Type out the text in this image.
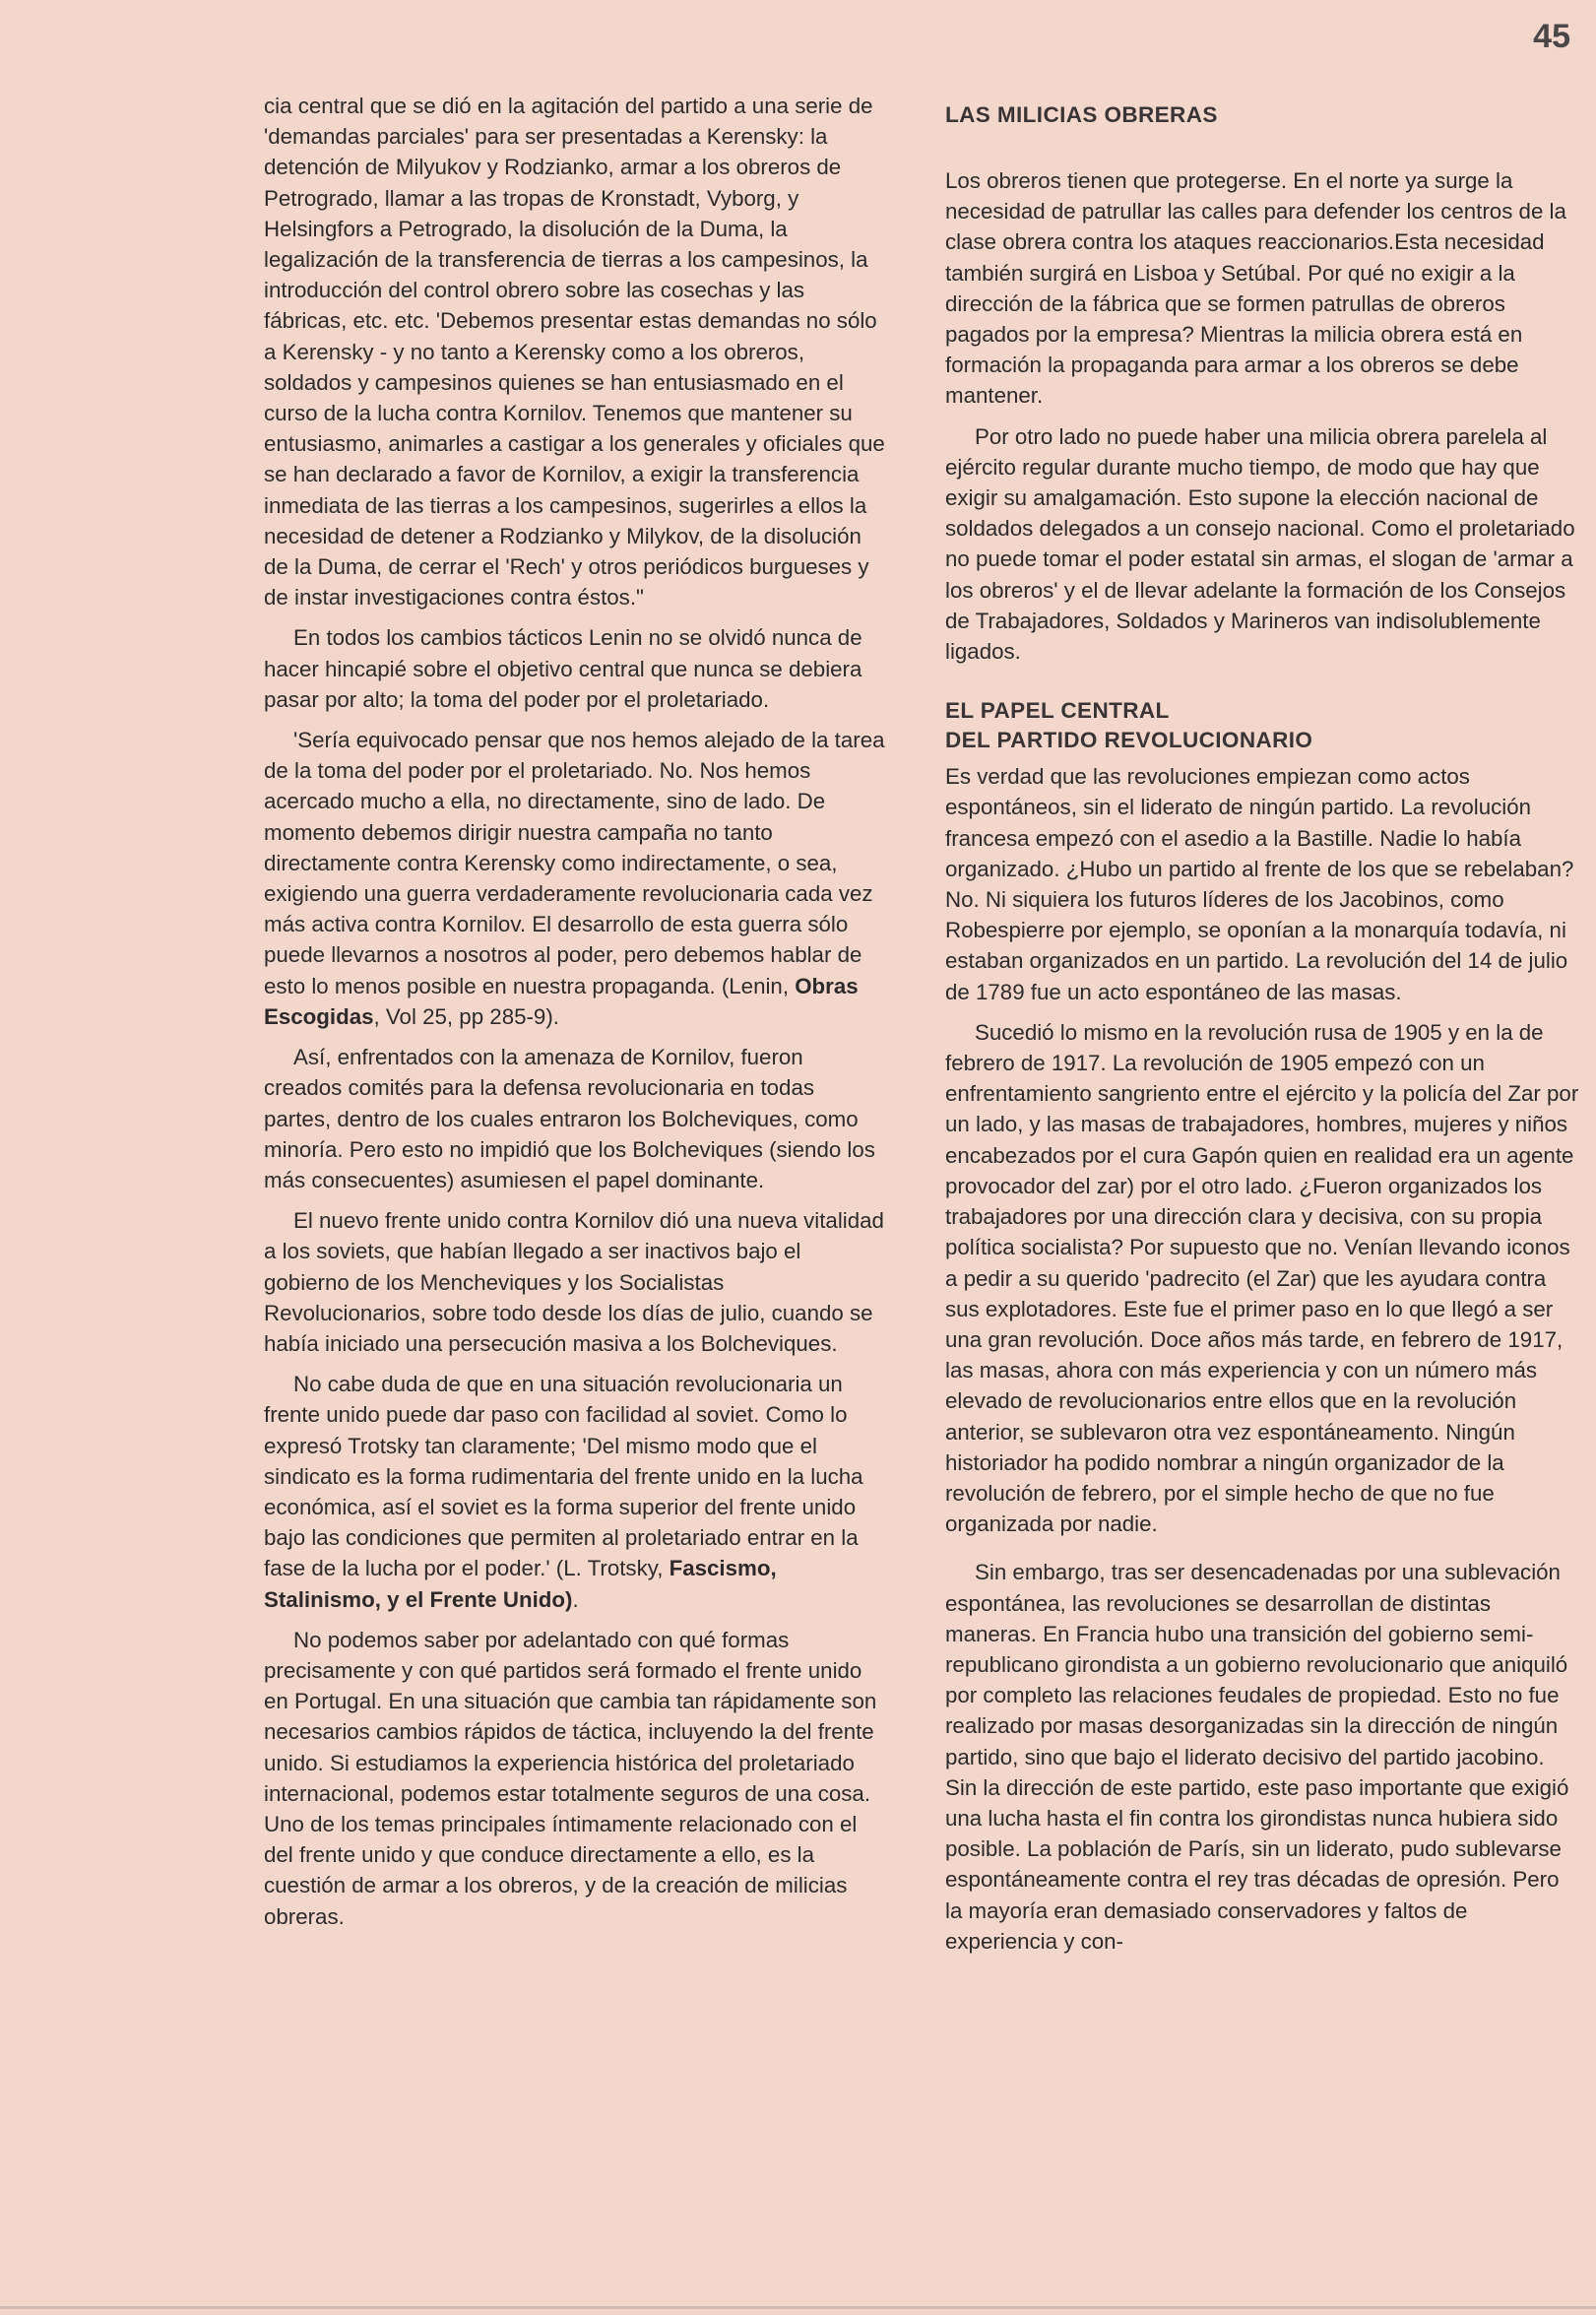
45

cia central que se dió en la agitación del partido a una serie de 'demandas parciales' para ser presentadas a Kerensky: la detención de Milyukov y Rodzianko, armar a los obreros de Petrogrado, llamar a las tropas de Kronstadt, Vyborg, y Helsingfors a Petrogrado, la disolución de la Duma, la legalización de la transferencia de tierras a los campesinos, la introducción del control obrero sobre las cosechas y las fábricas, etc. etc. 'Debemos presentar estas demandas no sólo a Kerensky - y no tanto a Kerensky como a los obreros, soldados y campesinos quienes se han entusiasmado en el curso de la lucha contra Kornilov. Tenemos que mantener su entusiasmo, animarles a castigar a los generales y oficiales que se han declarado a favor de Kornilov, a exigir la transferencia inmediata de las tierras a los campesinos, sugerirles a ellos la necesidad de detener a Rodzianko y Milykov, de la disolución de la Duma, de cerrar el 'Rech' y otros periódicos burgueses y de instar investigaciones contra éstos."

En todos los cambios tácticos Lenin no se olvidó nunca de hacer hincapié sobre el objetivo central que nunca se debiera pasar por alto; la toma del poder por el proletariado.

'Sería equivocado pensar que nos hemos alejado de la tarea de la toma del poder por el proletariado. No. Nos hemos acercado mucho a ella, no directamente, sino de lado. De momento debemos dirigir nuestra campaña no tanto directamente contra Kerensky como indirectamente, o sea, exigiendo una guerra verdaderamente revolucionaria cada vez más activa contra Kornilov. El desarrollo de esta guerra sólo puede llevarnos a nosotros al poder, pero debemos hablar de esto lo menos posible en nuestra propaganda. (Lenin, Obras Escogidas, Vol 25, pp 285-9).

Así, enfrentados con la amenaza de Kornilov, fueron creados comités para la defensa revolucionaria en todas partes, dentro de los cuales entraron los Bolcheviques, como minoría. Pero esto no impidió que los Bolcheviques (siendo los más consecuentes) asumiesen el papel dominante.

El nuevo frente unido contra Kornilov dió una nueva vitalidad a los soviets, que habían llegado a ser inactivos bajo el gobierno de los Mencheviques y los Socialistas Revolucionarios, sobre todo desde los días de julio, cuando se había iniciado una persecución masiva a los Bolcheviques.

No cabe duda de que en una situación revolucionaria un frente unido puede dar paso con facilidad al soviet. Como lo expresó Trotsky tan claramente; 'Del mismo modo que el sindicato es la forma rudimentaria del frente unido en la lucha económica, así el soviet es la forma superior del frente unido bajo las condiciones que permiten al proletariado entrar en la fase de la lucha por el poder.' (L. Trotsky, Fascismo, Stalinismo, y el Frente Unido).

No podemos saber por adelantado con qué formas precisamente y con qué partidos será formado el frente unido en Portugal. En una situación que cambia tan rápidamente son necesarios cambios rápidos de táctica, incluyendo la del frente unido. Si estudiamos la experiencia histórica del proletariado internacional, podemos estar totalmente seguros de una cosa. Uno de los temas principales íntimamente relacionado con el del frente unido y que conduce directamente a ello, es la cuestión de armar a los obreros, y de la creación de milicias obreras.

LAS MILICIAS OBRERAS

Los obreros tienen que protegerse. En el norte ya surge la necesidad de patrullar las calles para defender los centros de la clase obrera contra los ataques reaccionarios.Esta necesidad también surgirá en Lisboa y Setúbal. Por qué no exigir a la dirección de la fábrica que se formen patrullas de obreros pagados por la empresa? Mientras la milicia obrera está en formación la propaganda para armar a los obreros se debe mantener.

Por otro lado no puede haber una milicia obrera parelela al ejército regular durante mucho tiempo, de modo que hay que exigir su amalgamación. Esto supone la elección nacional de soldados delegados a un consejo nacional. Como el proletariado no puede tomar el poder estatal sin armas, el slogan de 'armar a los obreros' y el de llevar adelante la formación de los Consejos de Trabajadores, Soldados y Marineros van indisolublemente ligados.

EL PAPEL CENTRAL
DEL PARTIDO REVOLUCIONARIO

Es verdad que las revoluciones empiezan como actos espontáneos, sin el liderato de ningún partido. La revolución francesa empezó con el asedio a la Bastille. Nadie lo había organizado. ¿Hubo un partido al frente de los que se rebelaban? No. Ni siquiera los futuros líderes de los Jacobinos, como Robespierre por ejemplo, se oponían a la monarquía todavía, ni estaban organizados en un partido. La revolución del 14 de julio de 1789 fue un acto espontáneo de las masas.

Sucedió lo mismo en la revolución rusa de 1905 y en la de febrero de 1917. La revolución de 1905 empezó con un enfrentamiento sangriento entre el ejército y la policía del Zar por un lado, y las masas de trabajadores, hombres, mujeres y niños encabezados por el cura Gapón quien en realidad era un agente provocador del zar) por el otro lado. ¿Fueron organizados los trabajadores por una dirección clara y decisiva, con su propia política socialista? Por supuesto que no. Venían llevando iconos a pedir a su querido 'padrecito (el Zar) que les ayudara contra sus explotadores. Este fue el primer paso en lo que llegó a ser una gran revolución. Doce años más tarde, en febrero de 1917, las masas, ahora con más experiencia y con un número más elevado de revolucionarios entre ellos que en la revolución anterior, se sublevaron otra vez espontáneamento. Ningún historiador ha podido nombrar a ningún organizador de la revolución de febrero, por el simple hecho de que no fue organizada por nadie.

Sin embargo, tras ser desencadenadas por una sublevación espontánea, las revoluciones se desarrollan de distintas maneras. En Francia hubo una transición del gobierno semi-republicano girondista a un gobierno revolucionario que aniquiló por completo las relaciones feudales de propiedad. Esto no fue realizado por masas desorganizadas sin la dirección de ningún partido, sino que bajo el liderato decisivo del partido jacobino. Sin la dirección de este partido, este paso importante que exigió una lucha hasta el fin contra los girondistas nunca hubiera sido posible. La población de París, sin un liderato, pudo sublevarse espontáneamente contra el rey tras décadas de opresión. Pero la mayoría eran demasiado conservadores y faltos de experiencia y con-
